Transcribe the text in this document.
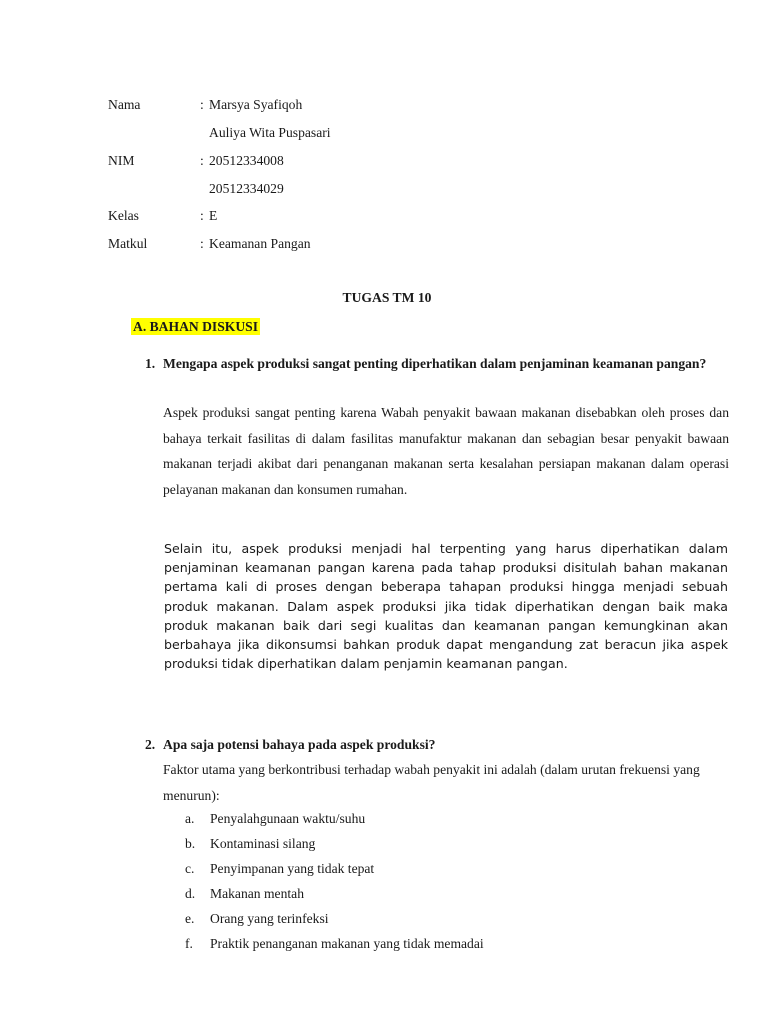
Nama	: Marsya Syafiqoh
Auliya Wita Puspasari
NIM	: 20512334008
20512334029
Kelas	: E
Matkul	: Keamanan Pangan
TUGAS TM 10
A. BAHAN DISKUSI
1. Mengapa aspek produksi sangat penting diperhatikan dalam penjaminan keamanan pangan?
Aspek produksi sangat penting karena Wabah penyakit bawaan makanan disebabkan oleh proses dan bahaya terkait fasilitas di dalam fasilitas manufaktur makanan dan sebagian besar penyakit bawaan makanan terjadi akibat dari penanganan makanan serta kesalahan persiapan makanan dalam operasi pelayanan makanan dan konsumen rumahan.
Selain itu, aspek produksi menjadi hal terpenting yang harus diperhatikan dalam penjaminan keamanan pangan karena pada tahap produksi disitulah bahan makanan pertama kali di proses dengan beberapa tahapan produksi hingga menjadi sebuah produk makanan. Dalam aspek produksi jika tidak diperhatikan dengan baik maka produk makanan baik dari segi kualitas dan keamanan pangan kemungkinan akan berbahaya jika dikonsumsi bahkan produk dapat mengandung zat beracun jika aspek produksi tidak diperhatikan dalam penjamin keamanan pangan.
2. Apa saja potensi bahaya pada aspek produksi?
Faktor utama yang berkontribusi terhadap wabah penyakit ini adalah (dalam urutan frekuensi yang menurun):
a.	Penyalahgunaan waktu/suhu
b.	Kontaminasi silang
c.	Penyimpanan yang tidak tepat
d.	Makanan mentah
e.	Orang yang terinfeksi
f.	Praktik penanganan makanan yang tidak memadai
